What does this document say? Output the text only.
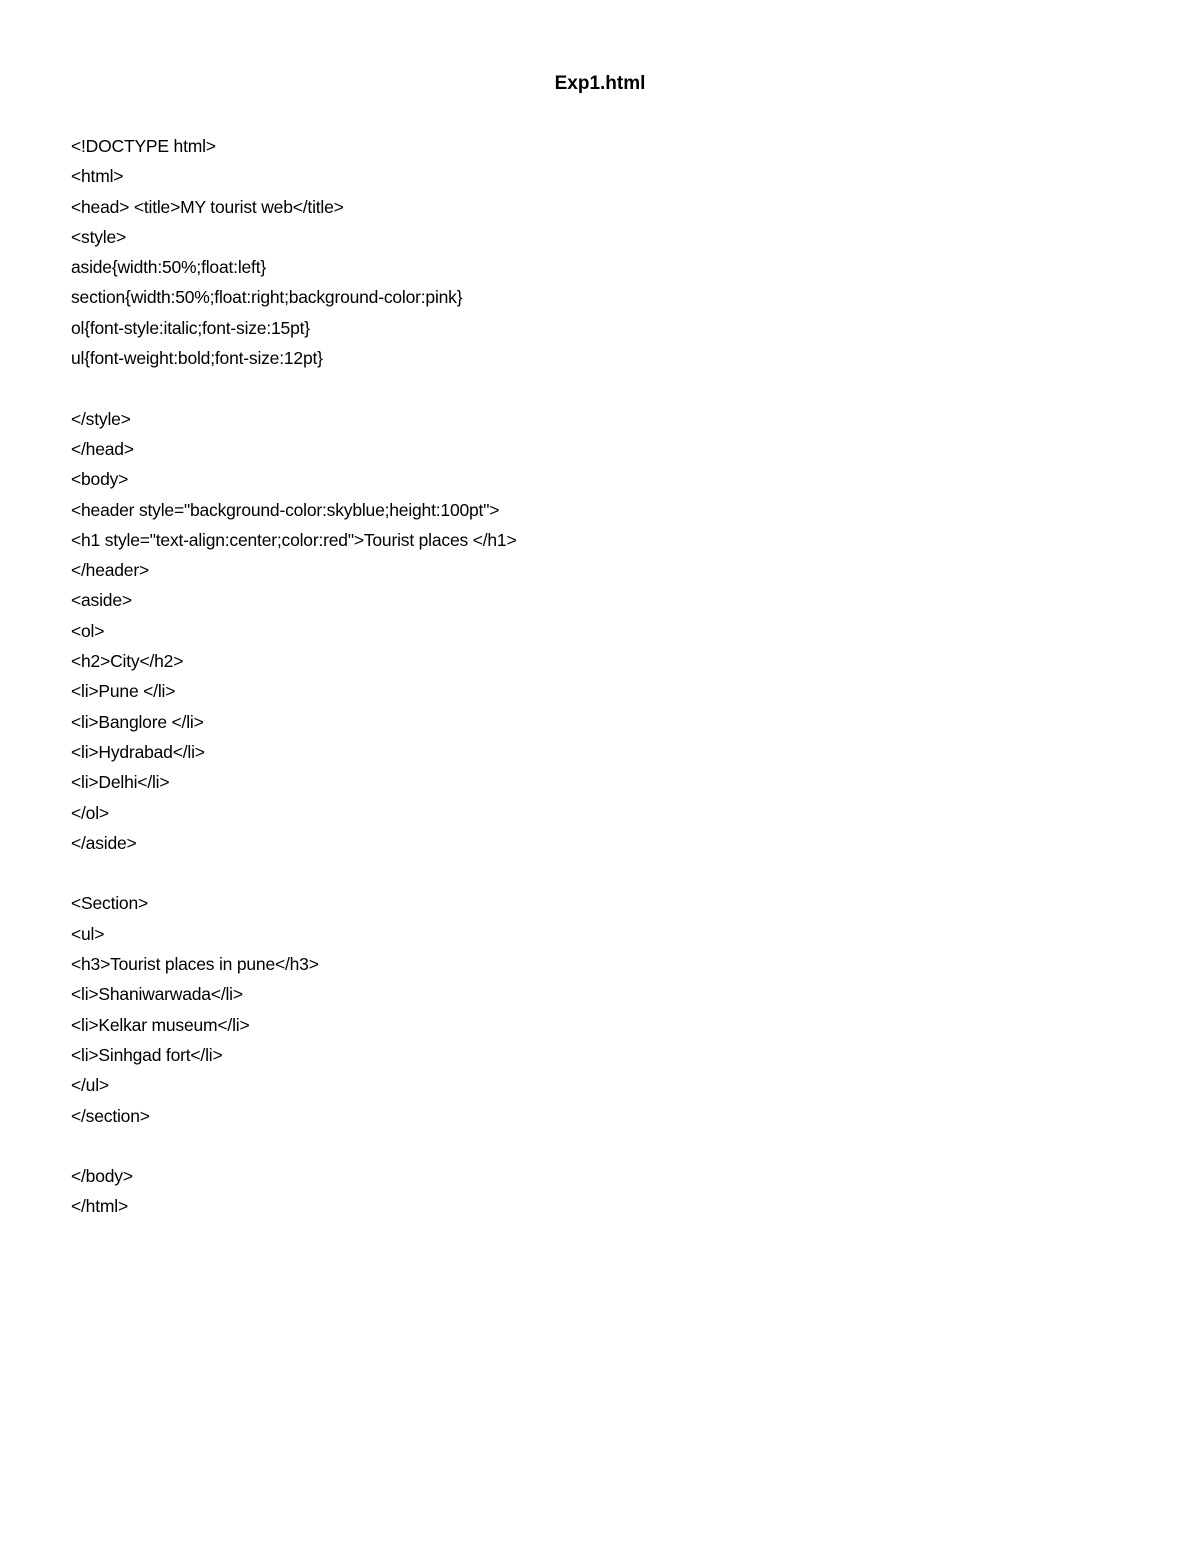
Exp1.html
<!DOCTYPE html>
<html>
<head> <title>MY tourist web</title>
<style>
aside{width:50%;float:left}
section{width:50%;float:right;background-color:pink}
ol{font-style:italic;font-size:15pt}
ul{font-weight:bold;font-size:12pt}
</style>
</head>
<body>
<header style="background-color:skyblue;height:100pt">
<h1 style="text-align:center;color:red">Tourist places </h1>
</header>
<aside>
<ol>
<h2>City</h2>
<li>Pune </li>
<li>Banglore </li>
<li>Hydrabad</li>
<li>Delhi</li>
</ol>
</aside>
<Section>
<ul>
<h3>Tourist places in pune</h3>
<li>Shaniwarwada</li>
<li>Kelkar museum</li>
<li>Sinhgad fort</li>
</ul>
</section>
</body>
</html>
